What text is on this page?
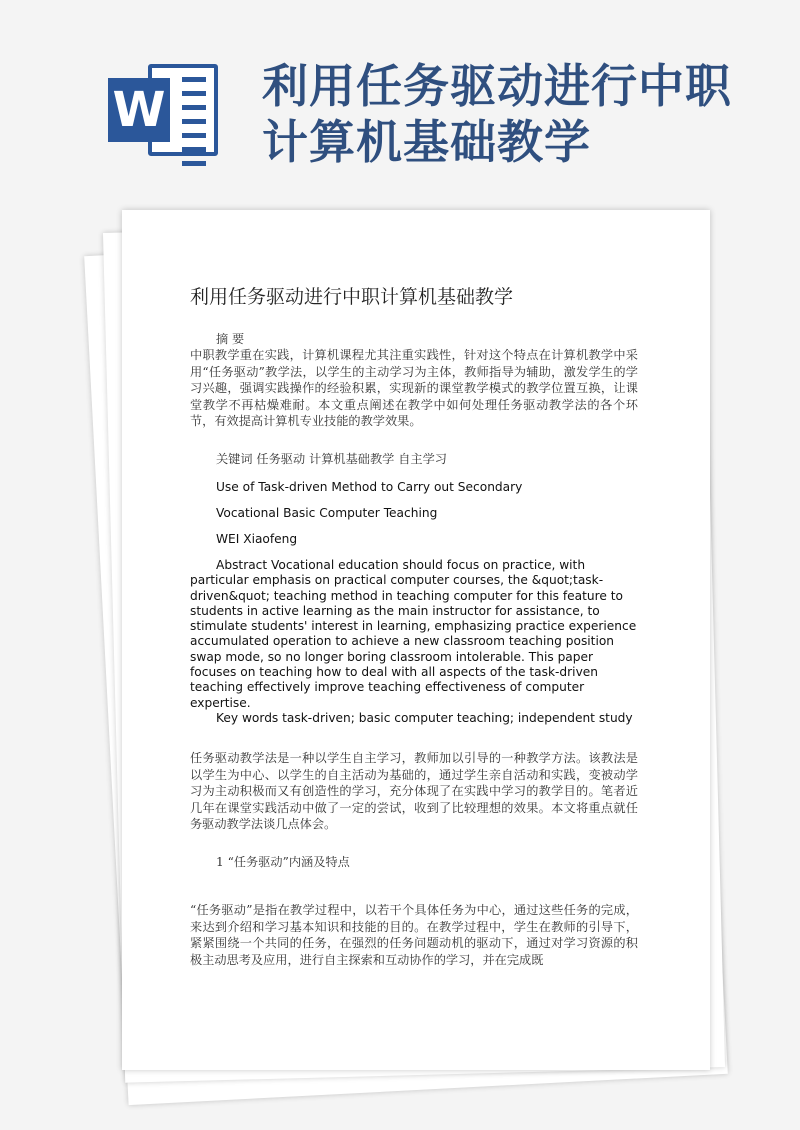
W 利用任务驱动进行中职计算机基础教学
利用任务驱动进行中职计算机基础教学

摘 要

中职教学重在实践，计算机课程尤其注重实践性，针对这个特点在计算机教学中采用“任务驱动”教学法，以学生的主动学习为主体，教师指导为辅助，激发学生的学习兴趣，强调实践操作的经验积累，实现新的课堂教学模式的教学位置互换，让课堂教学不再枯燥难耐。本文重点阐述在教学中如何处理任务驱动教学法的各个环节，有效提高计算机专业技能的教学效果。

关键词 任务驱动 计算机基础教学 自主学习

Use of Task-driven Method to Carry out Secondary

Vocational Basic Computer Teaching

WEI Xiaofeng

Abstract Vocational education should focus on practice, with particular emphasis on practical computer courses, the &quot;task-driven&quot; teaching method in teaching computer for this feature to students in active learning as the main instructor for assistance, to stimulate students' interest in learning, emphasizing practice experience accumulated operation to achieve a new classroom teaching position swap mode, so no longer boring classroom intolerable. This paper focuses on teaching how to deal with all aspects of the task-driven teaching effectively improve teaching effectiveness of computer expertise.

Key words task-driven; basic computer teaching; independent study

任务驱动教学法是一种以学生自主学习，教师加以引导的一种教学方法。该教法是以学生为中心、以学生的自主活动为基础的，通过学生亲自活动和实践，变被动学习为主动积极而又有创造性的学习，充分体现了在实践中学习的教学目的。笔者近几年在课堂实践活动中做了一定的尝试，收到了比较理想的效果。本文将重点就任务驱动教学法谈几点体会。

1 “任务驱动”内涵及特点

“任务驱动”是指在教学过程中，以若干个具体任务为中心，通过这些任务的完成，来达到介绍和学习基本知识和技能的目的。在教学过程中，学生在教师的引导下，紧紧围绕一个共同的任务，在强烈的任务问题动机的驱动下，通过对学习资源的积极主动思考及应用，进行自主探索和互动协作的学习，并在完成既
